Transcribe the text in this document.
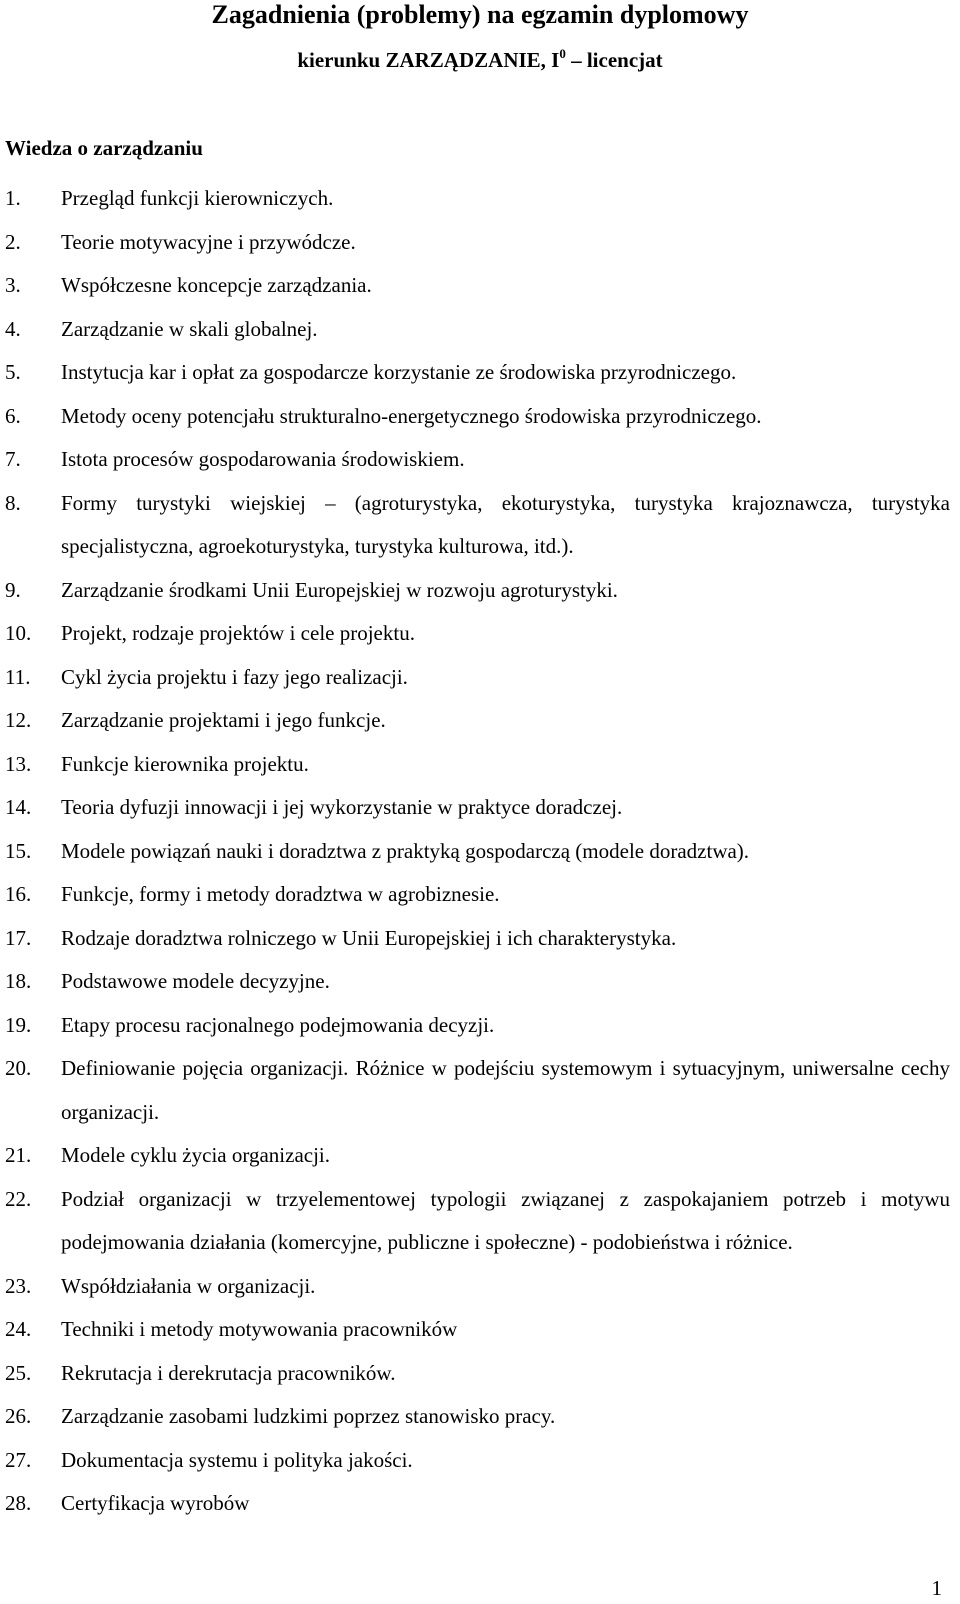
Zagadnienia (problemy) na egzamin dyplomowy
kierunku ZARZĄDZANIE, $I^0$ – licencjat
Wiedza o zarządzaniu
1.	Przegląd funkcji kierowniczych.
2.	Teorie motywacyjne i przywódcze.
3.	Współczesne koncepcje zarządzania.
4.	Zarządzanie w skali globalnej.
5.	Instytucja kar i opłat za gospodarcze korzystanie ze środowiska przyrodniczego.
6.	Metody oceny potencjału strukturalno-energetycznego środowiska przyrodniczego.
7.	Istota procesów gospodarowania środowiskiem.
8.	Formy turystyki wiejskiej – (agroturystyka, ekoturystyka, turystyka krajoznawcza, turystyka specjalistyczna, agroekoturystyka, turystyka kulturowa, itd.).
9.	Zarządzanie środkami Unii Europejskiej w rozwoju agroturystyki.
10.	Projekt, rodzaje projektów i cele projektu.
11.	Cykl życia projektu i fazy jego realizacji.
12.	Zarządzanie projektami i jego funkcje.
13.	Funkcje kierownika projektu.
14.	Teoria dyfuzji innowacji i jej wykorzystanie w praktyce doradczej.
15.	Modele powiązań nauki i doradztwa z praktyką gospodarczą (modele doradztwa).
16.	Funkcje, formy i metody doradztwa w agrobiznesie.
17.	Rodzaje doradztwa rolniczego w Unii Europejskiej i ich charakterystyka.
18.	Podstawowe modele decyzyjne.
19.	Etapy procesu racjonalnego podejmowania decyzji.
20.	Definiowanie pojęcia organizacji. Różnice w podejściu systemowym i sytuacyjnym, uniwersalne cechy organizacji.
21.	Modele cyklu życia organizacji.
22.	Podział organizacji w trzyelementowej typologii związanej z zaspokajaniem potrzeb i motywu podejmowania działania (komercyjne, publiczne i społeczne) - podobieństwa i różnice.
23.	Współdziałania w organizacji.
24.	Techniki i metody motywowania pracowników
25.	Rekrutacja i derekrutacja pracowników.
26.	Zarządzanie zasobami ludzkimi poprzez stanowisko pracy.
27.	Dokumentacja systemu i polityka jakości.
28.	Certyfikacja wyrobów
1
